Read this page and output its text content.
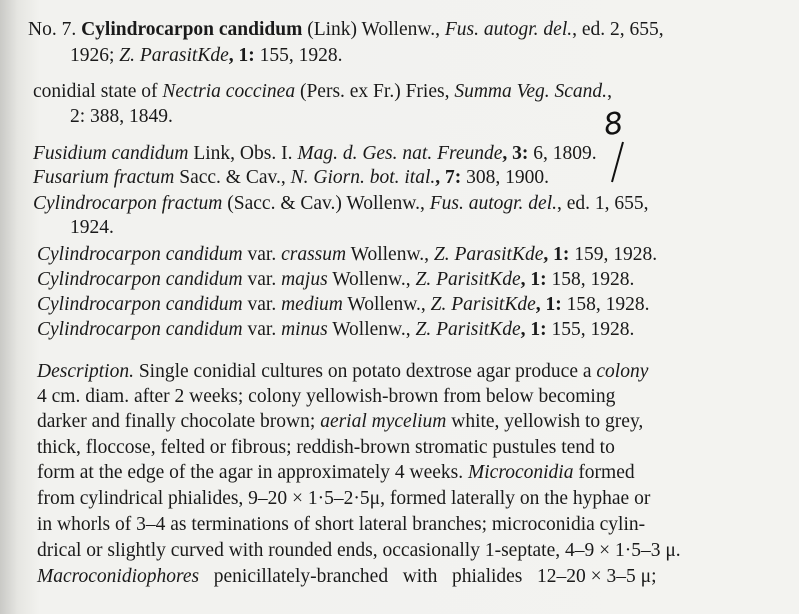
No. 7. Cylindrocarpon candidum (Link) Wollenw., Fus. autogr. del., ed. 2, 655,
1926; Z. ParasitKde, 1: 155, 1928.
conidial state of Nectria coccinea (Pers. ex Fr.) Fries, Summa Veg. Scand.,
2: 388, 1849.
Fusidium candidum Link, Obs. I. Mag. d. Ges. nat. Freunde, 3: 6, 1809.
Fusarium fractum Sacc. & Cav., N. Giorn. bot. ital., 7: 308, 1900.
Cylindrocarpon fractum (Sacc. & Cav.) Wollenw., Fus. autogr. del., ed. 1, 655,
1924.
Cylindrocarpon candidum var. crassum Wollenw., Z. ParasitKde, 1: 159, 1928.
Cylindrocarpon candidum var. majus Wollenw., Z. ParisitKde, 1: 158, 1928.
Cylindrocarpon candidum var. medium Wollenw., Z. ParisitKde, 1: 158, 1928.
Cylindrocarpon candidum var. minus Wollenw., Z. ParisitKde, 1: 155, 1928.
8
Description. Single conidial cultures on potato dextrose agar produce a colony
4 cm. diam. after 2 weeks; colony yellowish-brown from below becoming
darker and finally chocolate brown; aerial mycelium white, yellowish to grey,
thick, floccose, felted or fibrous; reddish-brown stromatic pustules tend to
form at the edge of the agar in approximately 4 weeks. Microconidia formed
from cylindrical phialides, 9–20 × 1·5–2·5μ, formed laterally on the hyphae or
in whorls of 3–4 as terminations of short lateral branches; microconidia cylin-
drical or slightly curved with rounded ends, occasionally 1-septate, 4–9 × 1·5–3 μ.
Macroconidiophores   penicillately-branched   with   phialides   12–20 × 3–5 μ;
